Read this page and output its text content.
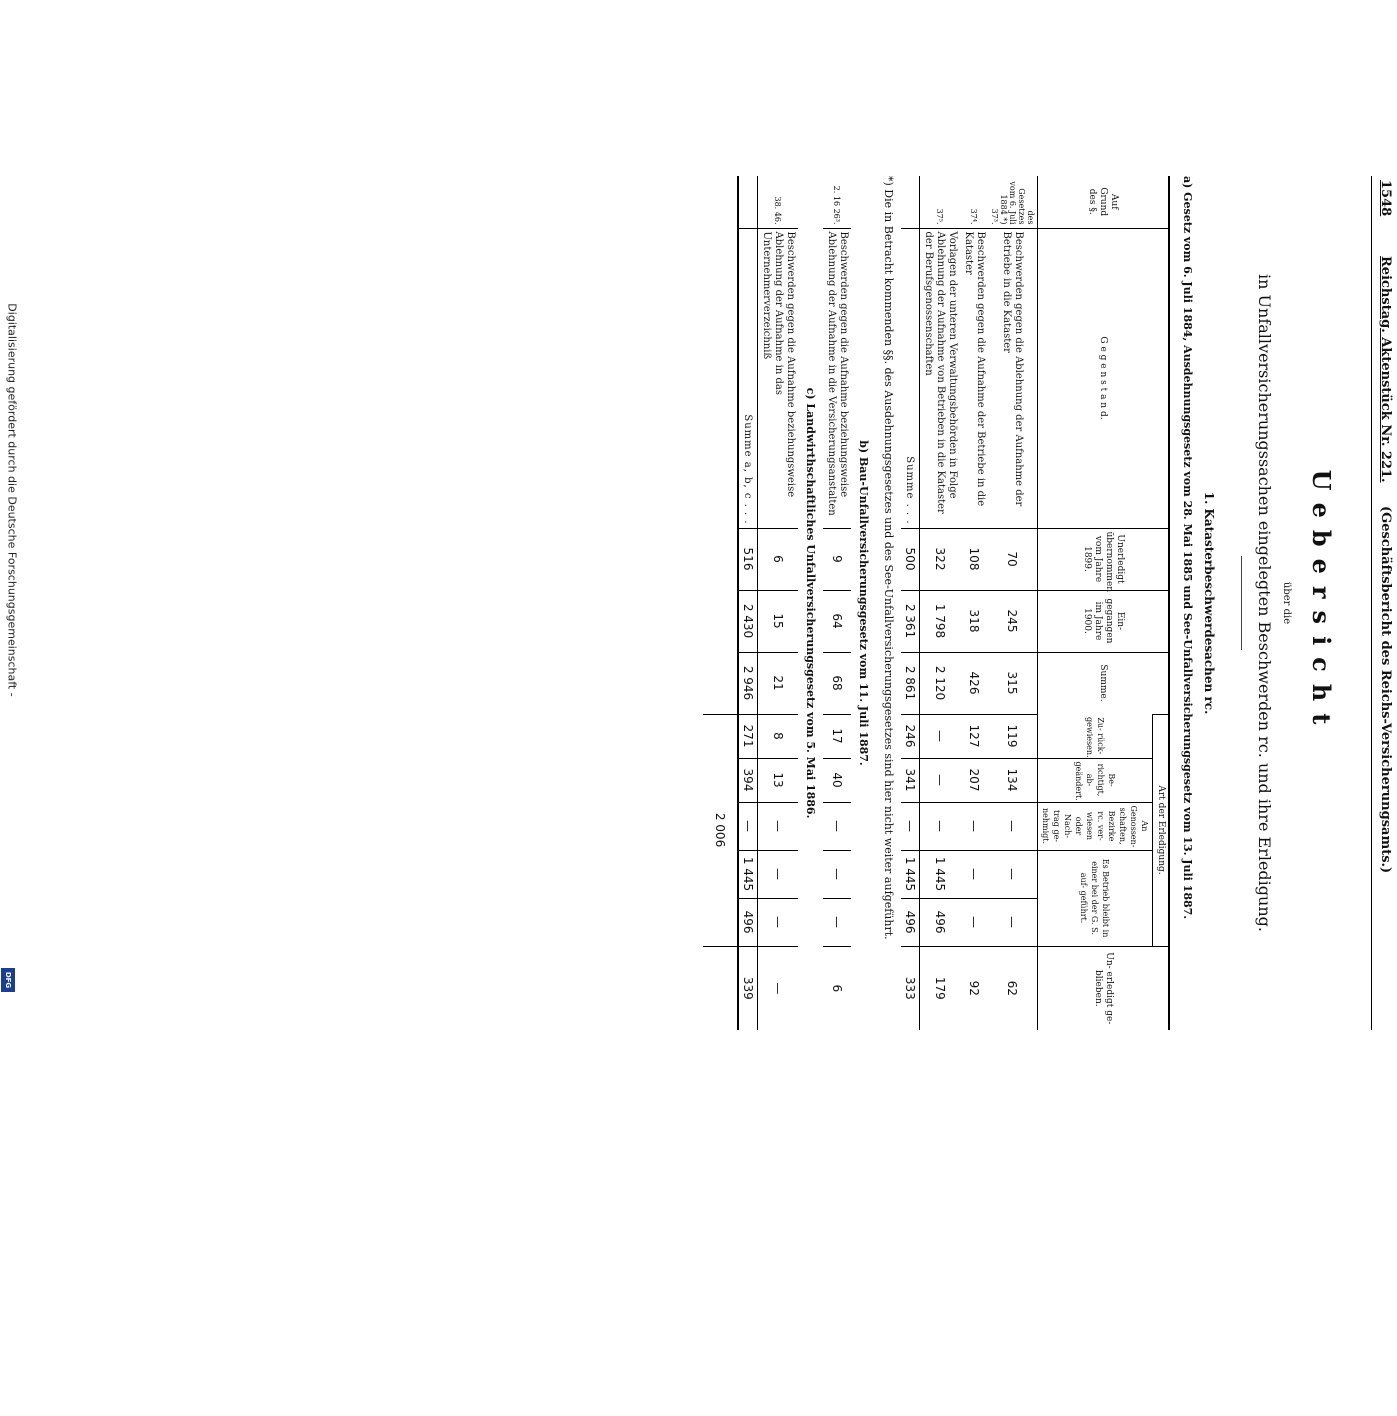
Digitalisierung gefördert durch die Deutsche Forschungsgemeinschaft -
DFG
1548
Reichstag. Aktenstück Nr. 221.
(Geschäftsbericht des Reichs-Versicherungsamts.)
Uebersicht
über die
in Unfallversicherungssachen eingelegten Beschwerden rc. und ihre Erledigung.
1. Katasterbeschwerdesachen rc.
a) Gesetz vom 6. Juli 1884, Ausdehnungsgesetz vom 28. Mai 1885 und See-Unfallversicherungsgesetz vom 13. Juli 1887.
Auf Grund des §.	G e g e n s t a n d.	Unerledigt übernommen vom Jahre 1899.	Ein- gegangen im Jahre 1900.	Summe.	Art der Erledigung.					Un- erledigt ge- blieben.
					Zu- rück- gewiesen.	Be- richtigt, ab- geändert.	An Genossen- schaften, Bezirke rc. ver- wiesen oder Nach- trag ge- nehmigt.	Es Betrieb bleibt in einer bei der G. S. auf- geführt.		
des Gesetzes vom 6. Juli 1884 *)
37³.	Beschwerden gegen die Ablehnung der Aufnahme der Betriebe in die Kataster	70	245	315	119	134	—	—	—	62
37⁴.	Beschwerden gegen die Aufnahme der Betriebe in die Kataster	108	318	426	127	207	—	—	—	92
37⁵.	Vorlagen der unteren Verwaltungsbehörden in Folge Ablehnung der Aufnahme von Betrieben in die Kataster der Berufsgenossenschaften	322	1 798	2 120	—	—	—	1 445	496	179
	Summe . . .	500	2 361	2 861	246	341	—	1 445	496	333
*) Die in Betracht kommenden §§. des Ausdehnungsgesetzes und des See-Unfallversicherungsgesetzes sind hier nicht weiter aufgeführt.										
b) Bau-Unfallversicherungsgesetz vom 11. Juli 1887.										
2. 16 26³.	Beschwerden gegen die Aufnahme beziehungsweise Ablehnung der Aufnahme in die Versicherungsanstalten	9	64	68	17	40	—	—	—	6
c) Landwirthschaftliches Unfallversicherungsgesetz vom 5. Mai 1886.										
38. 46.	Beschwerden gegen die Aufnahme beziehungsweise Ablehnung der Aufnahme in das Unternehmerverzeichniß	6	15	21	8	13	—	—	—	—
	Summe a, b, c . . .	516	2 430	2 946	271	394	—	1 445	496	339
					2 006					
